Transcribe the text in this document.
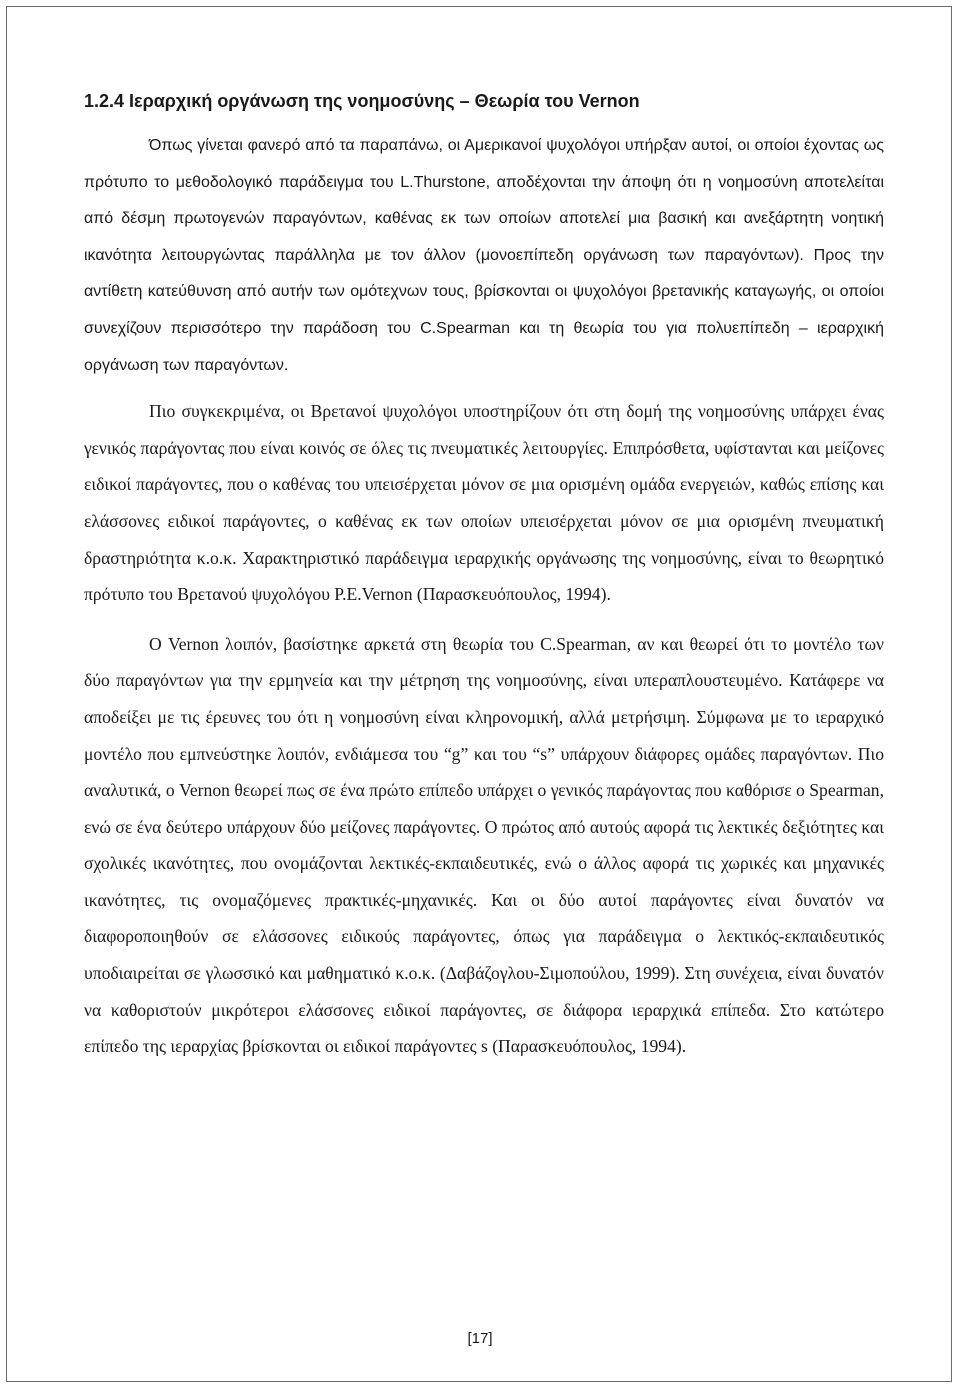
1.2.4 Ιεραρχική οργάνωση της νοημοσύνης – Θεωρία του Vernon

Όπως γίνεται φανερό από τα παραπάνω, οι Αμερικανοί ψυχολόγοι υπήρξαν αυτοί, οι οποίοι έχοντας ως πρότυπο το μεθοδολογικό παράδειγμα του L.Thurstone, αποδέχονται την άποψη ότι η νοημοσύνη αποτελείται από δέσμη πρωτογενών παραγόντων, καθένας εκ των οποίων αποτελεί μια βασική και ανεξάρτητη νοητική ικανότητα λειτουργώντας παράλληλα με τον άλλον (μονοεπίπεδη οργάνωση των παραγόντων). Προς την αντίθετη κατεύθυνση από αυτήν των ομότεχνων τους, βρίσκονται οι ψυχολόγοι βρετανικής καταγωγής, οι οποίοι συνεχίζουν περισσότερο την παράδοση του C.Spearman και τη θεωρία του για πολυεπίπεδη – ιεραρχική οργάνωση των παραγόντων.

Πιο συγκεκριμένα, οι Βρετανοί ψυχολόγοι υποστηρίζουν ότι στη δομή της νοημοσύνης υπάρχει ένας γενικός παράγοντας που είναι κοινός σε όλες τις πνευματικές λειτουργίες. Επιπρόσθετα, υφίστανται και μείζονες ειδικοί παράγοντες, που ο καθένας του υπεισέρχεται μόνον σε μια ορισμένη ομάδα ενεργειών, καθώς επίσης και ελάσσονες ειδικοί παράγοντες, ο καθένας εκ των οποίων υπεισέρχεται μόνον σε μια ορισμένη πνευματική δραστηριότητα κ.ο.κ. Χαρακτηριστικό παράδειγμα ιεραρχικής οργάνωσης της νοημοσύνης, είναι το θεωρητικό πρότυπο του Βρετανού ψυχολόγου P.E.Vernon (Παρασκευόπουλος, 1994).

Ο Vernon λοιπόν, βασίστηκε αρκετά στη θεωρία του C.Spearman, αν και θεωρεί ότι το μοντέλο των δύο παραγόντων για την ερμηνεία και την μέτρηση της νοημοσύνης, είναι υπεραπλουστευμένο. Κατάφερε να αποδείξει με τις έρευνες του ότι η νοημοσύνη είναι κληρονομική, αλλά μετρήσιμη. Σύμφωνα με το ιεραρχικό μοντέλο που εμπνεύστηκε λοιπόν, ενδιάμεσα του “g” και του “s” υπάρχουν διάφορες ομάδες παραγόντων. Πιο αναλυτικά, ο Vernon θεωρεί πως σε ένα πρώτο επίπεδο υπάρχει ο γενικός παράγοντας που καθόρισε ο Spearman, ενώ σε ένα δεύτερο υπάρχουν δύο μείζονες παράγοντες. Ο πρώτος από αυτούς αφορά τις λεκτικές δεξιότητες και σχολικές ικανότητες, που ονομάζονται λεκτικές-εκπαιδευτικές, ενώ ο άλλος αφορά τις χωρικές και μηχανικές ικανότητες, τις ονομαζόμενες πρακτικές-μηχανικές. Και οι δύο αυτοί παράγοντες είναι δυνατόν να διαφοροποιηθούν σε ελάσσονες ειδικούς παράγοντες, όπως για παράδειγμα ο λεκτικός-εκπαιδευτικός υποδιαιρείται σε γλωσσικό και μαθηματικό κ.ο.κ. (Δαβάζογλου-Σιμοπούλου, 1999). Στη συνέχεια, είναι δυνατόν να καθοριστούν μικρότεροι ελάσσονες ειδικοί παράγοντες, σε διάφορα ιεραρχικά επίπεδα. Στο κατώτερο επίπεδο της ιεραρχίας βρίσκονται οι ειδικοί παράγοντες s (Παρασκευόπουλος, 1994).

[17]
